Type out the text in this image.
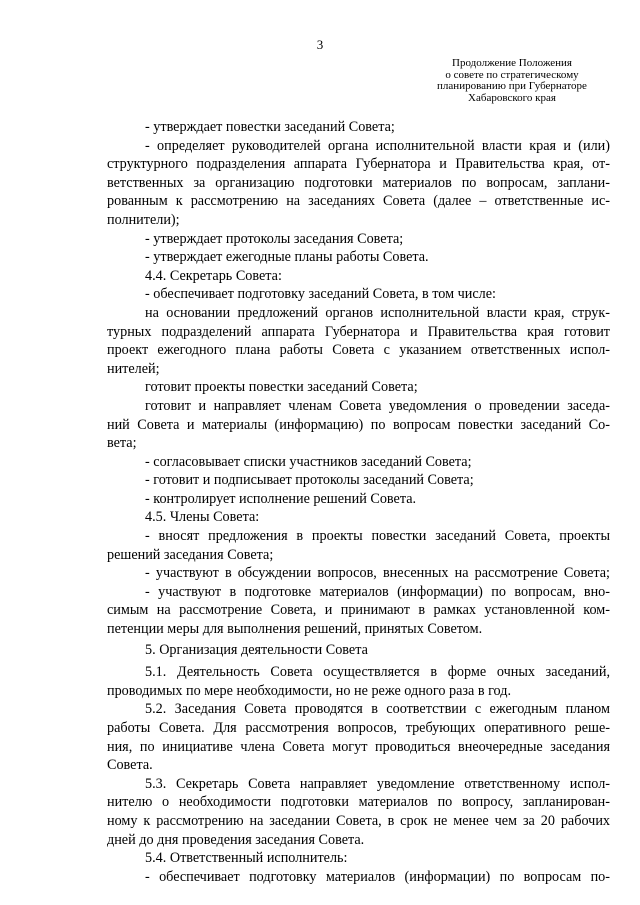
3
Продолжение Положения
о совете по стратегическому
планированию при Губернаторе
Хабаровского края

- утверждает повестки заседаний Совета;

- определяет руководителей органа исполнительной власти края и (или)
структурного подразделения аппарата Губернатора и Правительства края, от-
ветственных за организацию подготовки материалов по вопросам, заплани-
рованным к рассмотрению на заседаниях Совета (далее – ответственные ис-
полнители);

- утверждает протоколы заседания Совета;

- утверждает ежегодные планы работы Совета.

4.4. Секретарь Совета:

- обеспечивает подготовку заседаний Совета, в том числе:

на основании предложений органов исполнительной власти края, струк-
турных подразделений аппарата Губернатора и Правительства края готовит
проект ежегодного плана работы Совета с указанием ответственных испол-
нителей;

готовит проекты повестки заседаний Совета;

готовит и направляет членам Совета уведомления о проведении заседа-
ний Совета и материалы (информацию) по вопросам повестки заседаний Со-
вета;

- согласовывает списки участников заседаний Совета;

- готовит и подписывает протоколы заседаний Совета;

- контролирует исполнение решений Совета.

4.5. Члены Совета:

- вносят предложения в проекты повестки заседаний Совета, проекты
решений заседания Совета;

- участвуют в обсуждении вопросов, внесенных на рассмотрение Совета;

- участвуют в подготовке материалов (информации) по вопросам, вно-
симым на рассмотрение Совета, и принимают в рамках установленной ком-
петенции меры для выполнения решений, принятых Советом.

5. Организация деятельности Совета

5.1. Деятельность Совета осуществляется в форме очных заседаний,
проводимых по мере необходимости, но не реже одного раза в год.

5.2. Заседания Совета проводятся в соответствии с ежегодным планом
работы Совета. Для рассмотрения вопросов, требующих оперативного реше-
ния, по инициативе члена Совета могут проводиться внеочередные заседания
Совета.

5.3. Секретарь Совета направляет уведомление ответственному испол-
нителю о необходимости подготовки материалов по вопросу, запланирован-
ному к рассмотрению на заседании Совета, в срок не менее чем за 20 рабочих
дней до дня проведения заседания Совета.

5.4. Ответственный исполнитель:

- обеспечивает подготовку материалов (информации) по вопросам по-
